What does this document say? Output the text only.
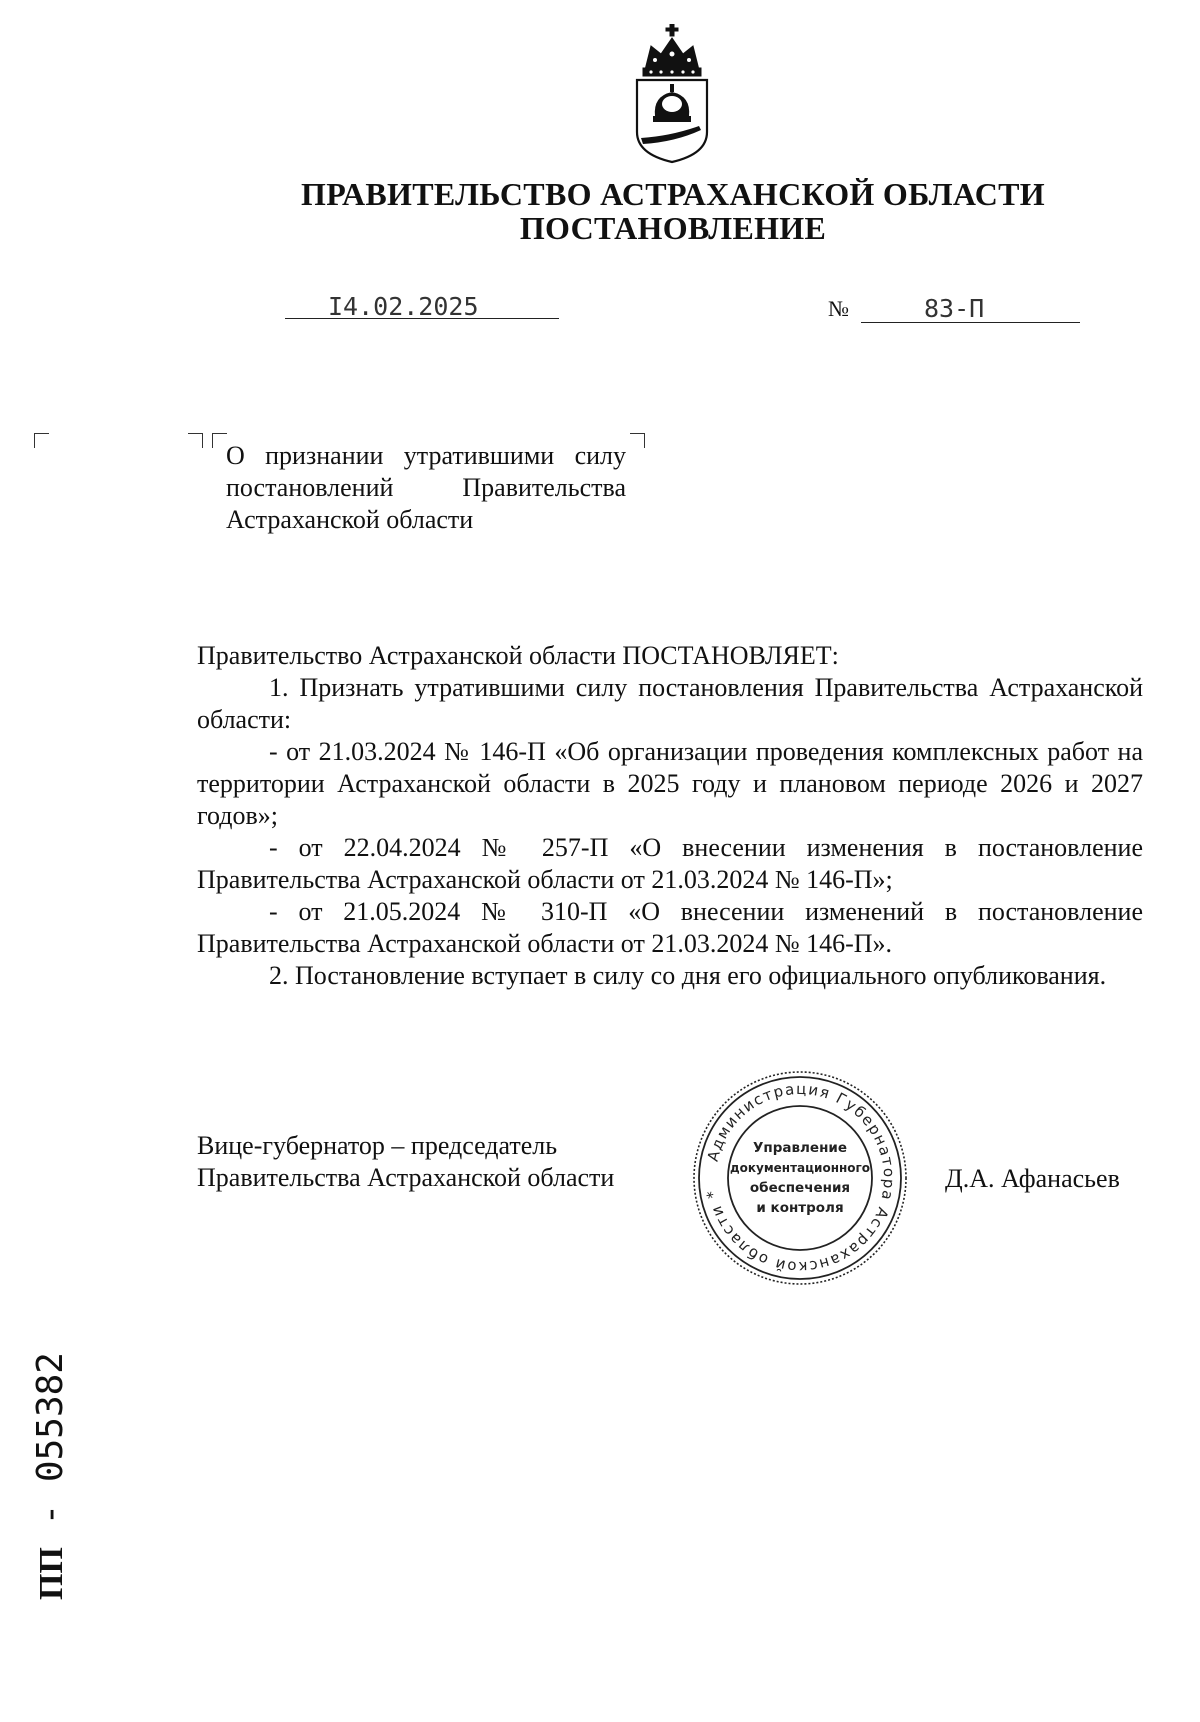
ПРАВИТЕЛЬСТВО АСТРАХАНСКОЙ ОБЛАСТИ
ПОСТАНОВЛЕНИЕ
I4.02.2025	№	83-П
О признании утратившими силу
постановлений Правительства
Астраханской области

Правительство Астраханской области ПОСТАНОВЛЯЕТ:

1. Признать утратившими силу постановления Правительства Астраханской области:

- от 21.03.2024 № 146-П «Об организации проведения комплексных работ на территории Астраханской области в 2025 году и плановом периоде 2026 и 2027 годов»;

- от 22.04.2024 № 257-П «О внесении изменения в постановление Правительства Астраханской области от 21.03.2024 № 146-П»;

- от 21.05.2024 № 310-П «О внесении изменений в постановление Правительства Астраханской области от 21.03.2024 № 146-П».

2. Постановление вступает в силу со дня его официального опубликования.

Вице-губернатор – председатель
Правительства Астраханской области
Администрация Губернатора Астраханской области *
Управление
документационного
обеспечения
и контроля
Д.А. Афанасьев
ПП - 055382
